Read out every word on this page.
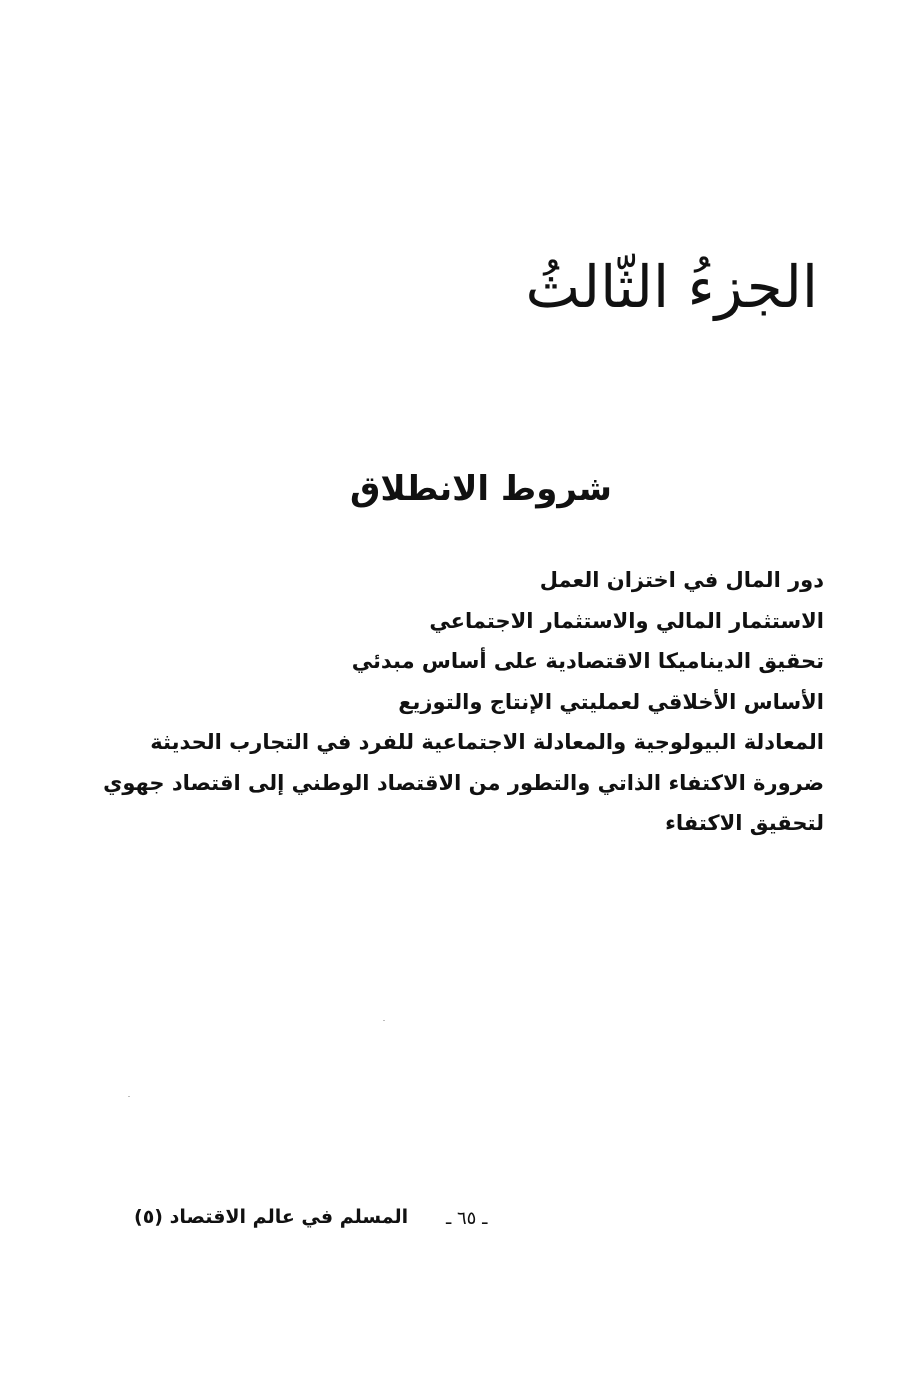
الجزءُ الثّالثُ
شروط الانطلاق
دور المال في اختزان العمل
الاستثمار المالي والاستثمار الاجتماعي
تحقيق الديناميكا الاقتصادية على أساس مبدئي
الأساس الأخلاقي لعمليتي الإنتاج والتوزيع
المعادلة البيولوجية والمعادلة الاجتماعية للفرد في التجارب الحديثة
ضرورة الاكتفاء الذاتي والتطور من الاقتصاد الوطني إلى اقتصاد جهوي
لتحقيق الاكتفاء
المسلم في عالم الاقتصاد (٥) ـ ٦٥ ـ
